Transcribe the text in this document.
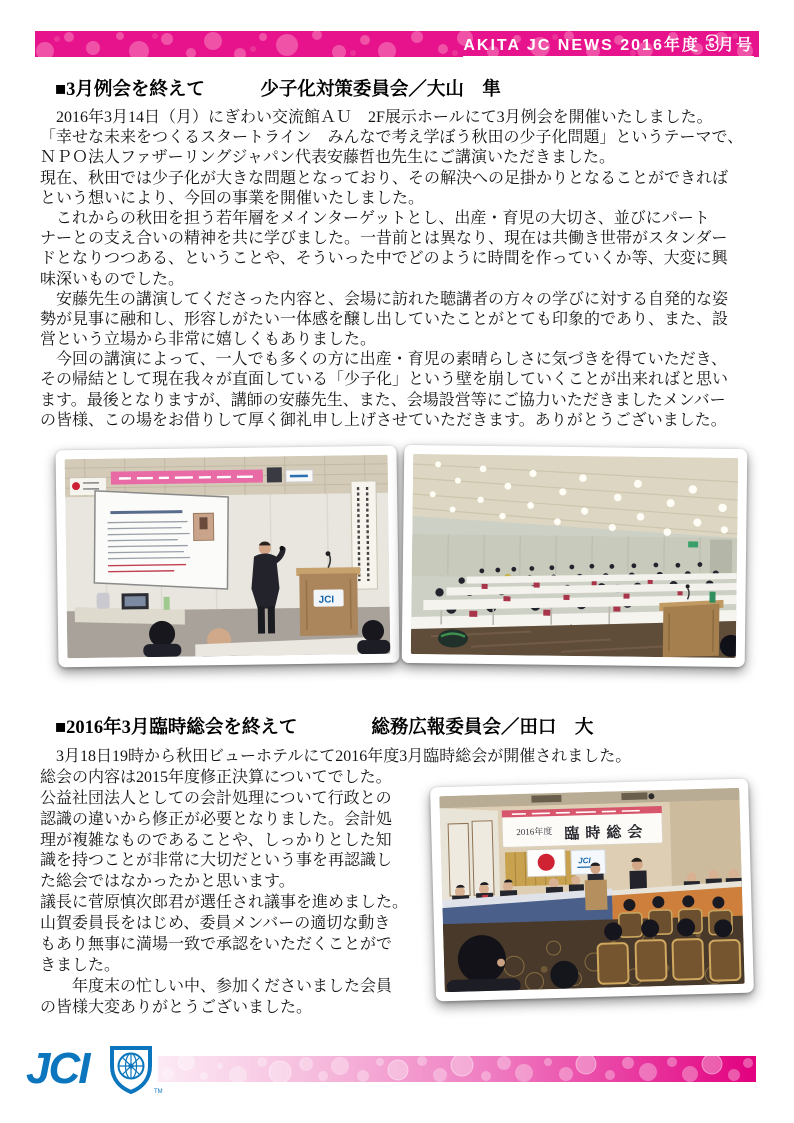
AKITA JC NEWS 2016年度 3月号
■3月例会を終えて　　　少子化対策委員会／大山　隼
　2016年3月14日（月）にぎわい交流館ＡＵ　2F展示ホールにて3月例会を開催いたしました。
「幸せな未来をつくるスタートライン　みんなで考え学ぼう秋田の少子化問題」というテーマで、
ＮＰＯ法人ファザーリングジャパン代表安藤哲也先生にご講演いただきました。
現在、秋田では少子化が大きな問題となっており、その解決への足掛かりとなることができれば
という想いにより、今回の事業を開催いたしました。
　これからの秋田を担う若年層をメインターゲットとし、出産・育児の大切さ、並びにパート
ナーとの支え合いの精神を共に学びました。一昔前とは異なり、現在は共働き世帯がスタンダー
ドとなりつつある、ということや、そういった中でどのように時間を作っていくか等、大変に興
味深いものでした。
　安藤先生の講演してくださった内容と、会場に訪れた聴講者の方々の学びに対する自発的な姿
勢が見事に融和し、形容しがたい一体感を醸し出していたことがとても印象的であり、また、設
営という立場から非常に嬉しくもありました。
　今回の講演によって、一人でも多くの方に出産・育児の素晴らしさに気づきを得ていただき、
その帰結として現在我々が直面している「少子化」という壁を崩していくことが出来ればと思い
ます。最後となりますが、講師の安藤先生、また、会場設営等にご協力いただきましたメンバー
の皆様、この場をお借りして厚く御礼申し上げさせていただきます。ありがとうございました。
JCI
■2016年3月臨時総会を終えて　　　　総務広報委員会／田口　大
　3月18日19時から秋田ビューホテルにて2016年度3月臨時総会が開催されました。
総会の内容は2015年度修正決算についてでした。
公益社団法人としての会計処理について行政との
認識の違いから修正が必要となりました。会計処
理が複雑なものであることや、しっかりとした知
識を持つことが非常に大切だという事を再認識し
た総会ではなかったかと思います。
議長に菅原慎次郎君が選任され議事を進めました。
山賀委員長をはじめ、委員メンバーの適切な動き
もあり無事に満場一致で承認をいただくことがで
きました。
　　年度末の忙しい中、参加くださいました会員
の皆様大変ありがとうございました。
2016年度 臨時総会
JCI
JCI	TM
